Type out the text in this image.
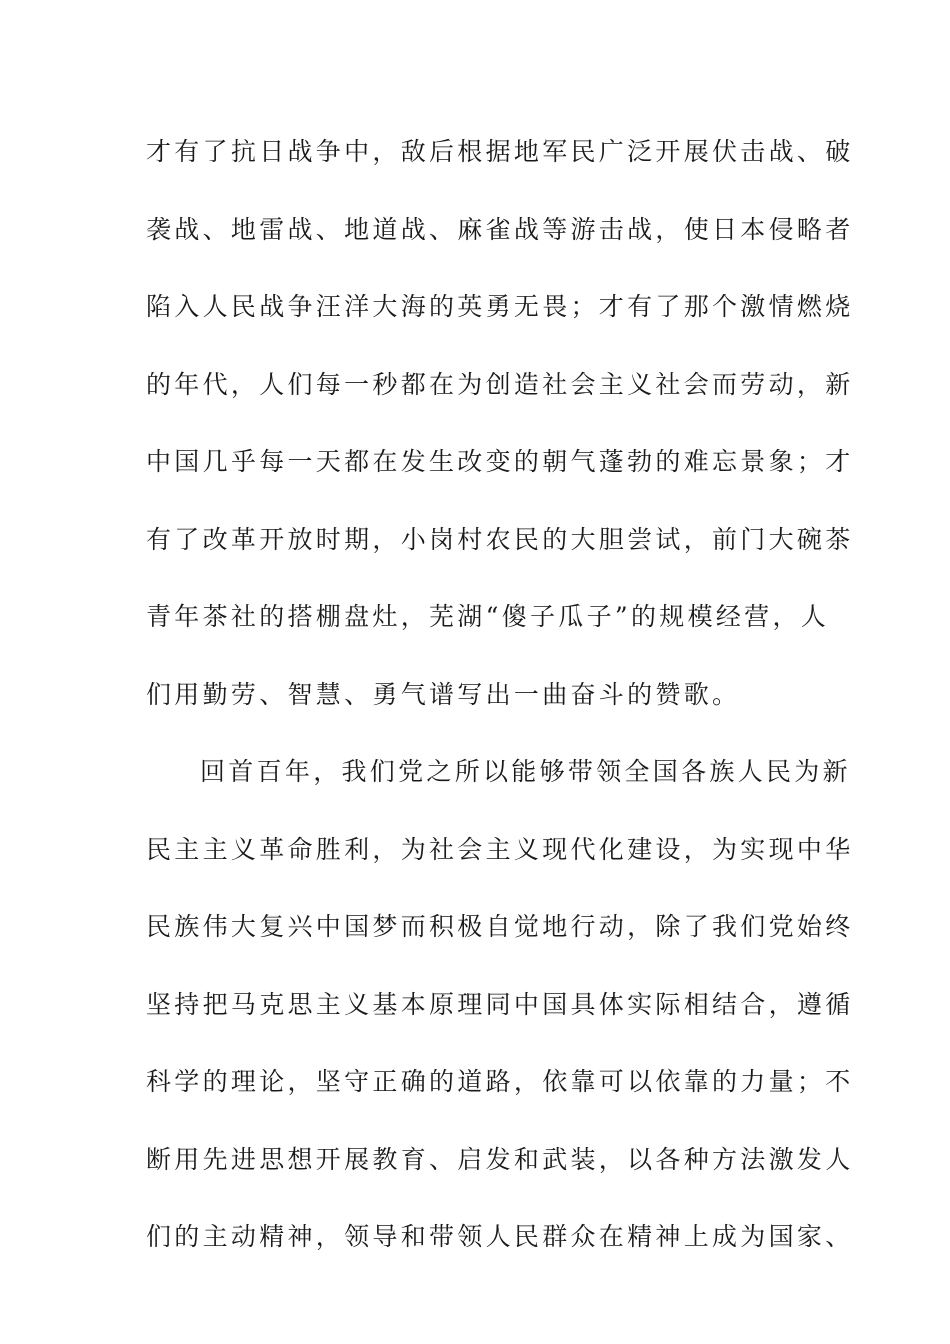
才有了抗日战争中，敌后根据地军民广泛开展伏击战、破
袭战、地雷战、地道战、麻雀战等游击战，使日本侵略者
陷入人民战争汪洋大海的英勇无畏；才有了那个激情燃烧
的年代，人们每一秒都在为创造社会主义社会而劳动，新
中国几乎每一天都在发生改变的朝气蓬勃的难忘景象；才
有了改革开放时期，小岗村农民的大胆尝试，前门大碗茶
青年茶社的搭棚盘灶，芜湖“傻子瓜子”的规模经营，人
们用勤劳、智慧、勇气谱写出一曲奋斗的赞歌。
回首百年，我们党之所以能够带领全国各族人民为新
民主主义革命胜利，为社会主义现代化建设，为实现中华
民族伟大复兴中国梦而积极自觉地行动，除了我们党始终
坚持把马克思主义基本原理同中国具体实际相结合，遵循
科学的理论，坚守正确的道路，依靠可以依靠的力量；不
断用先进思想开展教育、启发和武装，以各种方法激发人
们的主动精神，领导和带领人民群众在精神上成为国家、
